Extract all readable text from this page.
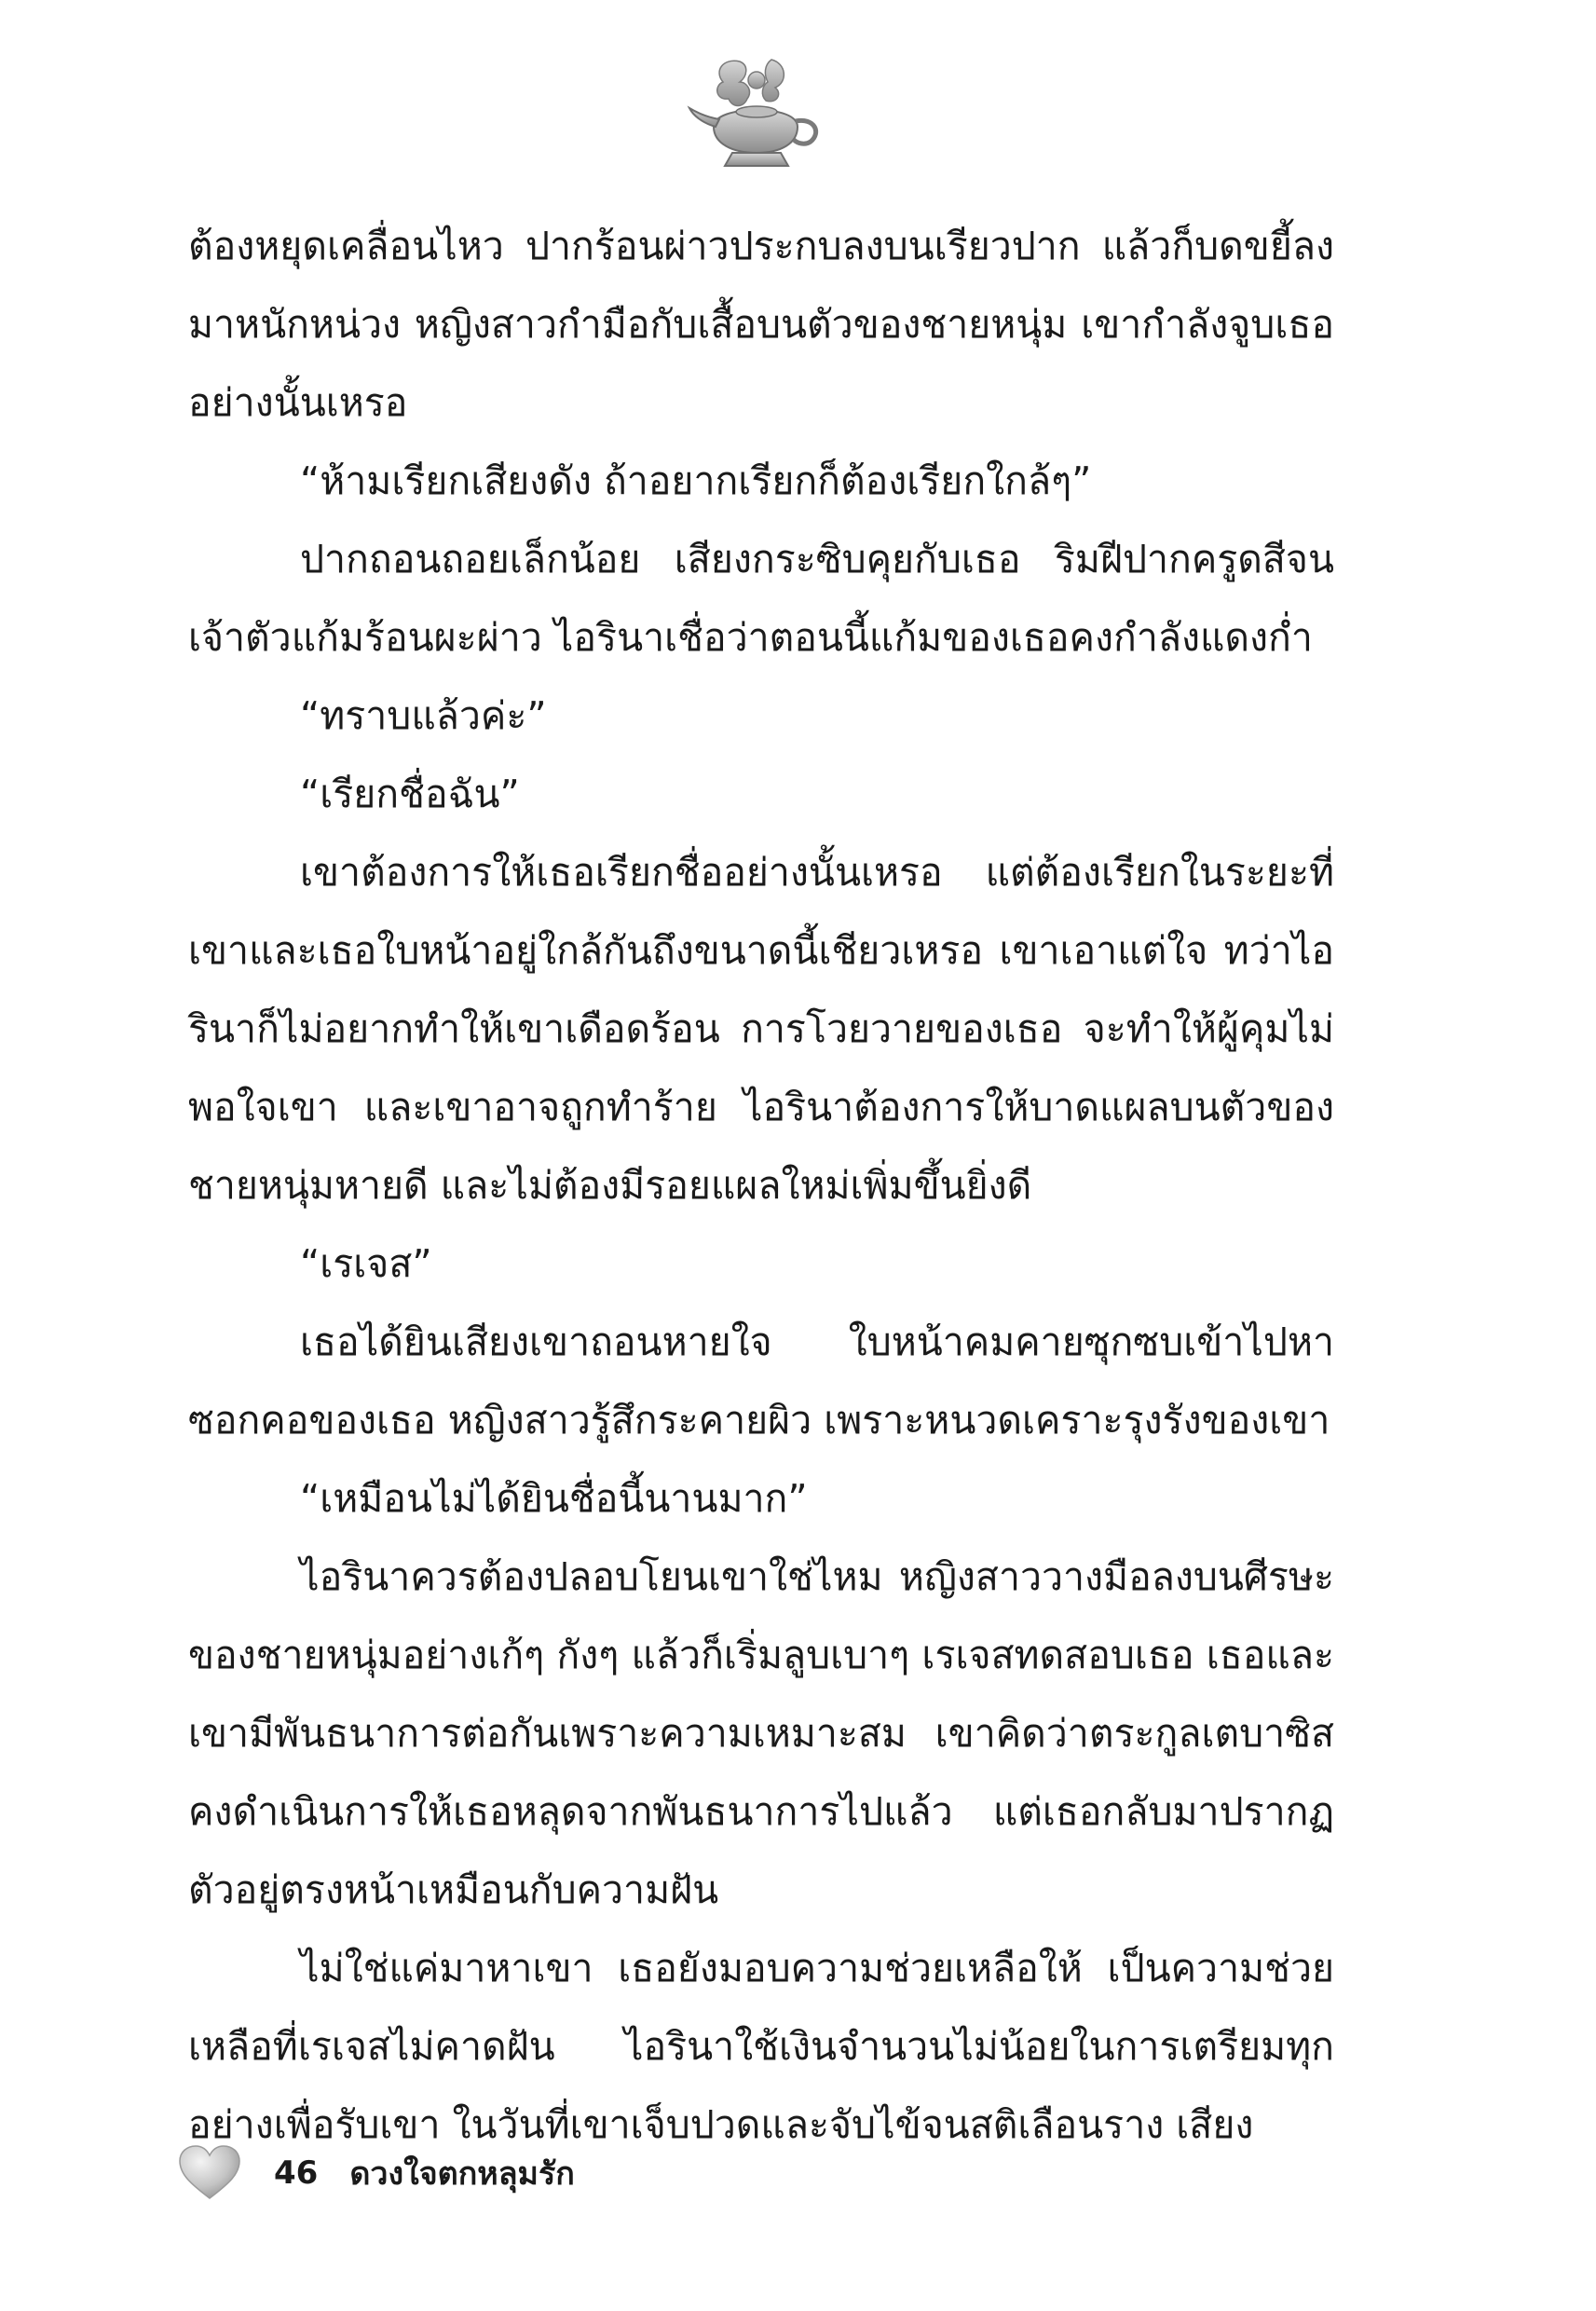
ต้องหยุดเคลื่อนไหว ปากร้อนผ่าวประกบลงบนเรียวปาก แล้วก็บดขยี้ลงมาหนักหน่วง หญิงสาวกำมือกับเสื้อบนตัวของชายหนุ่ม เขากำลังจูบเธออย่างนั้นเหรอ

“ห้ามเรียกเสียงดัง ถ้าอยากเรียกก็ต้องเรียกใกล้ๆ”

ปากถอนถอยเล็กน้อย เสียงกระซิบคุยกับเธอ ริมฝีปากครูดสีจนเจ้าตัวแก้มร้อนผะผ่าว ไอรินาเชื่อว่าตอนนี้แก้มของเธอคงกำลังแดงก่ำ

“ทราบแล้วค่ะ”

“เรียกชื่อฉัน”

เขาต้องการให้เธอเรียกชื่ออย่างนั้นเหรอ แต่ต้องเรียกในระยะที่เขาและเธอใบหน้าอยู่ใกล้กันถึงขนาดนี้เชียวเหรอ เขาเอาแต่ใจ ทว่าไอรินาก็ไม่อยากทำให้เขาเดือดร้อน การโวยวายของเธอ จะทำให้ผู้คุมไม่พอใจเขา และเขาอาจถูกทำร้าย ไอรินาต้องการให้บาดแผลบนตัวของชายหนุ่มหายดี และไม่ต้องมีรอยแผลใหม่เพิ่มขึ้นยิ่งดี

“เรเจส”

เธอได้ยินเสียงเขาถอนหายใจ ใบหน้าคมคายซุกซบเข้าไปหาซอกคอของเธอ หญิงสาวรู้สึกระคายผิว เพราะหนวดเคราะรุงรังของเขา

“เหมือนไม่ได้ยินชื่อนี้นานมาก”

ไอรินาควรต้องปลอบโยนเขาใช่ไหม หญิงสาววางมือลงบนศีรษะของชายหนุ่มอย่างเก้ๆ กังๆ แล้วก็เริ่มลูบเบาๆ เรเจสทดสอบเธอ เธอและเขามีพันธนาการต่อกันเพราะความเหมาะสม เขาคิดว่าตระกูลเตบาซิสคงดำเนินการให้เธอหลุดจากพันธนาการไปแล้ว แต่เธอกลับมาปรากฏตัวอยู่ตรงหน้าเหมือนกับความฝัน

ไม่ใช่แค่มาหาเขา เธอยังมอบความช่วยเหลือให้ เป็นความช่วยเหลือที่เรเจสไม่คาดฝัน ไอรินาใช้เงินจำนวนไม่น้อยในการเตรียมทุกอย่างเพื่อรับเขา ในวันที่เขาเจ็บปวดและจับไข้จนสติเลือนราง เสียง

46 ดวงใจตกหลุมรัก
